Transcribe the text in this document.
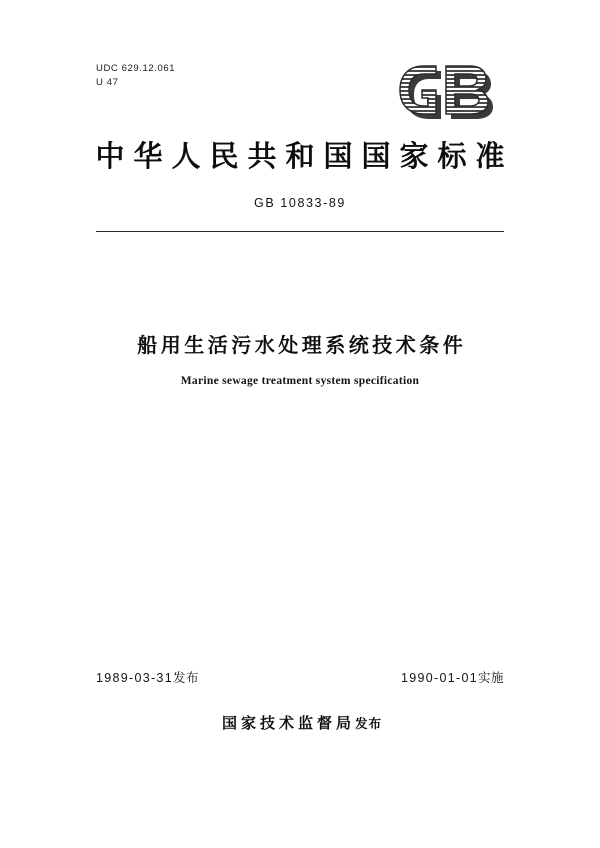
UDC 629.12.061
U 47
中华人民共和国国家标准
GB 10833-89
船用生活污水处理系统技术条件
Marine sewage treatment system specification
1989-03-31发布	1990-01-01实施
国家技术监督局发布
